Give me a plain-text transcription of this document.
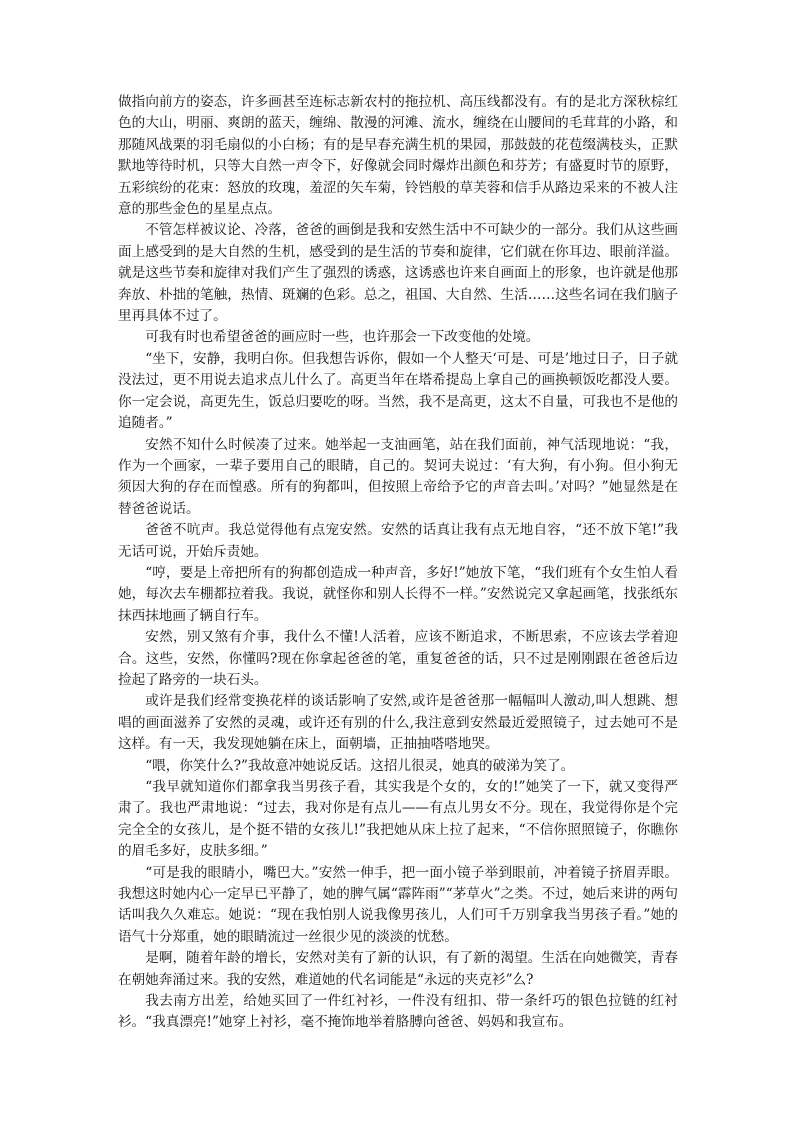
做指向前方的姿态，许多画甚至连标志新农村的拖拉机、高压线都没有。有的是北方深秋棕红色的大山，明丽、爽朗的蓝天，缠绵、散漫的河滩、流水，缠绕在山腰间的毛茸茸的小路，和那随风战栗的羽毛扇似的小白杨；有的是早春充满生机的果园，那鼓鼓的花苞缀满枝头，正默默地等待时机，只等大自然一声令下，好像就会同时爆炸出颜色和芬芳；有盛夏时节的原野，五彩缤纷的花束：怒放的玫瑰，羞涩的矢车菊，铃铛般的草芙蓉和信手从路边采来的不被人注意的那些金色的星星点点。

不管怎样被议论、冷落，爸爸的画倒是我和安然生活中不可缺少的一部分。我们从这些画面上感受到的是大自然的生机，感受到的是生活的节奏和旋律，它们就在你耳边、眼前洋溢。就是这些节奏和旋律对我们产生了强烈的诱惑，这诱惑也许来自画面上的形象，也许就是他那奔放、朴拙的笔触，热情、斑斓的色彩。总之，祖国、大自然、生活……这些名词在我们脑子里再具体不过了。

可我有时也希望爸爸的画应时一些，也许那会一下改变他的处境。

“坐下，安静，我明白你。但我想告诉你，假如一个人整天‘可是、可是’地过日子，日子就没法过，更不用说去追求点儿什么了。高更当年在塔希提岛上拿自己的画换顿饭吃都没人要。你一定会说，高更先生，饭总归要吃的呀。当然，我不是高更，这太不自量，可我也不是他的追随者。”

安然不知什么时候凑了过来。她举起一支油画笔，站在我们面前，神气活现地说：“我，作为一个画家，一辈子要用自己的眼睛，自己的。契诃夫说过：‘有大狗，有小狗。但小狗无须因大狗的存在而惶惑。所有的狗都叫，但按照上帝给予它的声音去叫。’对吗？”她显然是在替爸爸说话。

爸爸不吭声。我总觉得他有点宠安然。安然的话真让我有点无地自容，“还不放下笔!”我无话可说，开始斥责她。

“哼，要是上帝把所有的狗都创造成一种声音，多好!”她放下笔，“我们班有个女生怕人看她，每次去车棚都拉着我。我说，就怪你和别人长得不一样。”安然说完又拿起画笔，找张纸东抹西抹地画了辆自行车。

安然，别又煞有介事，我什么不懂!人活着，应该不断追求，不断思索，不应该去学着迎合。这些，安然，你懂吗?现在你拿起爸爸的笔，重复爸爸的话，只不过是刚刚跟在爸爸后边捡起了路旁的一块石头。

或许是我们经常变换花样的谈话影响了安然,或许是爸爸那一幅幅叫人激动,叫人想跳、想唱的画面滋养了安然的灵魂，或许还有别的什么,我注意到安然最近爱照镜子，过去她可不是这样。有一天，我发现她躺在床上，面朝墙，正抽抽嗒嗒地哭。

“喂，你笑什么?”我故意冲她说反话。这招儿很灵，她真的破涕为笑了。

“我早就知道你们都拿我当男孩子看，其实我是个女的，女的!”她笑了一下，就又变得严肃了。我也严肃地说：“过去，我对你是有点儿——有点儿男女不分。现在，我觉得你是个完完全全的女孩儿，是个挺不错的女孩儿!”我把她从床上拉了起来，“不信你照照镜子，你瞧你的眉毛多好，皮肤多细。”

“可是我的眼睛小，嘴巴大。”安然一伸手，把一面小镜子举到眼前，冲着镜子挤眉弄眼。我想这时她内心一定早已平静了，她的脾气属“霹阵雨”“茅草火”之类。不过，她后来讲的两句话叫我久久难忘。她说：“现在我怕别人说我像男孩儿，人们可千万别拿我当男孩子看。”她的语气十分郑重，她的眼睛流过一丝很少见的淡淡的忧愁。

是啊，随着年龄的增长，安然对美有了新的认识，有了新的渴望。生活在向她微笑，青春在朝她奔涌过来。我的安然，难道她的代名词能是“永远的夹克衫”么?

我去南方出差，给她买回了一件红衬衫，一件没有纽扣、带一条纤巧的银色拉链的红衬衫。“我真漂亮!”她穿上衬衫，毫不掩饰地举着胳膊向爸爸、妈妈和我宣布。
